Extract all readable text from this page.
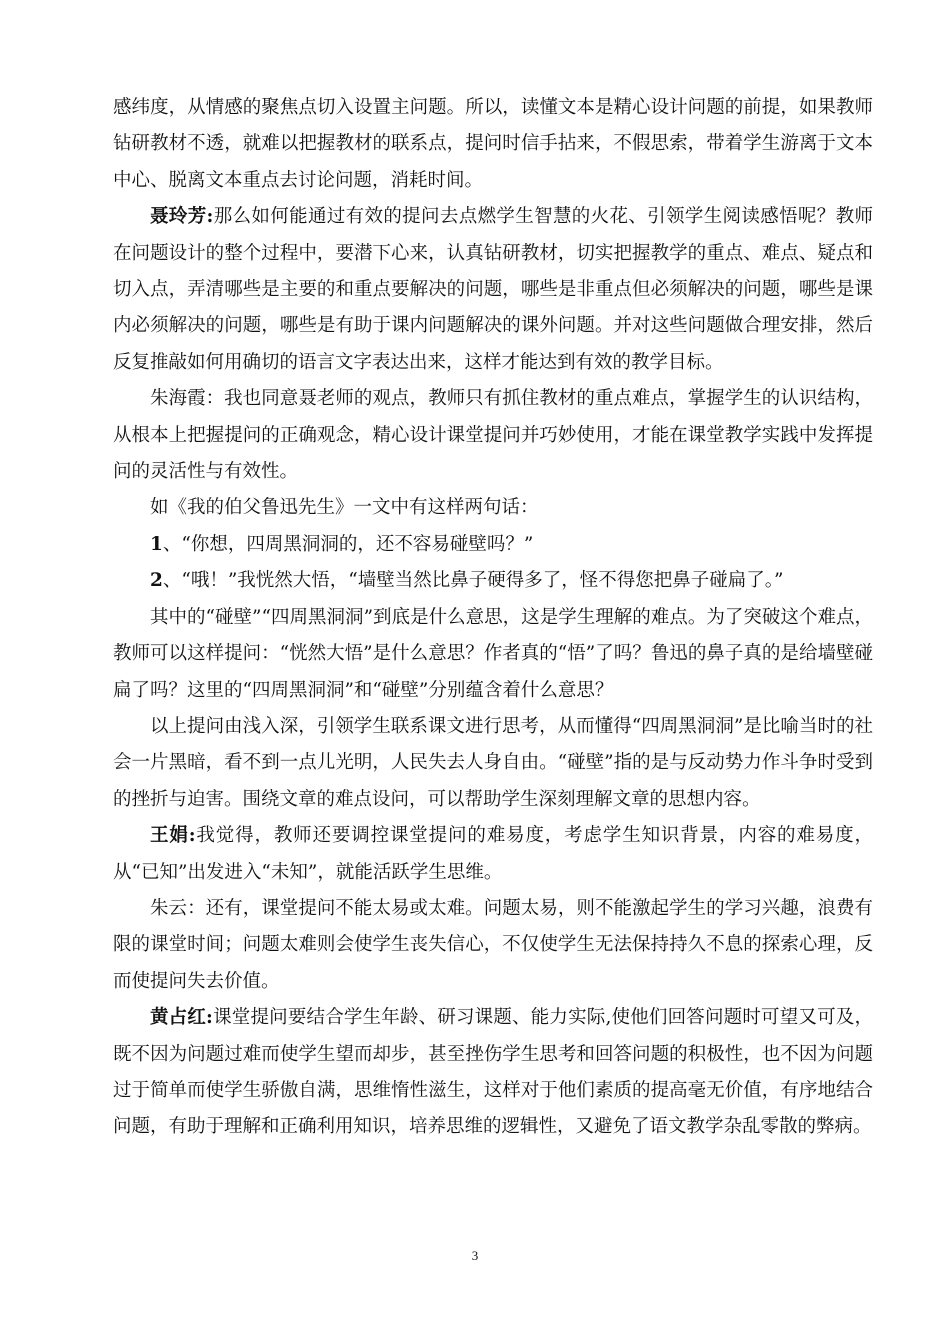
感纬度，从情感的聚焦点切入设置主问题。所以，读懂文本是精心设计问题的前提，如果教师钻研教材不透，就难以把握教材的联系点，提问时信手拈来，不假思索，带着学生游离于文本中心、脱离文本重点去讨论问题，消耗时间。

聂玲芳:那么如何能通过有效的提问去点燃学生智慧的火花、引领学生阅读感悟呢？教师在问题设计的整个过程中，要潜下心来，认真钻研教材，切实把握教学的重点、难点、疑点和切入点，弄清哪些是主要的和重点要解决的问题，哪些是非重点但必须解决的问题，哪些是课内必须解决的问题，哪些是有助于课内问题解决的课外问题。并对这些问题做合理安排，然后反复推敲如何用确切的语言文字表达出来，这样才能达到有效的教学目标。

朱海霞：我也同意聂老师的观点，教师只有抓住教材的重点难点，掌握学生的认识结构，从根本上把握提问的正确观念，精心设计课堂提问并巧妙使用，才能在课堂教学实践中发挥提问的灵活性与有效性。

如《我的伯父鲁迅先生》一文中有这样两句话：

1、“你想，四周黑洞洞的，还不容易碰壁吗？”

2、“哦！”我恍然大悟，“墙壁当然比鼻子硬得多了，怪不得您把鼻子碰扁了。”

其中的“碰壁”“四周黑洞洞”到底是什么意思，这是学生理解的难点。为了突破这个难点，教师可以这样提问：“恍然大悟”是什么意思？作者真的“悟”了吗？鲁迅的鼻子真的是给墙壁碰扁了吗？这里的“四周黑洞洞”和“碰壁”分别蕴含着什么意思？

以上提问由浅入深，引领学生联系课文进行思考，从而懂得“四周黑洞洞”是比喻当时的社会一片黑暗，看不到一点儿光明，人民失去人身自由。“碰壁”指的是与反动势力作斗争时受到的挫折与迫害。围绕文章的难点设问，可以帮助学生深刻理解文章的思想内容。

王娟:我觉得，教师还要调控课堂提问的难易度，考虑学生知识背景，内容的难易度，从“已知”出发进入“未知”，就能活跃学生思维。

朱云：还有，课堂提问不能太易或太难。问题太易，则不能激起学生的学习兴趣，浪费有限的课堂时间；问题太难则会使学生丧失信心，不仅使学生无法保持持久不息的探索心理，反而使提问失去价值。

黄占红:课堂提问要结合学生年龄、研习课题、能力实际,使他们回答问题时可望又可及，既不因为问题过难而使学生望而却步，甚至挫伤学生思考和回答问题的积极性，也不因为问题过于简单而使学生骄傲自满，思维惰性滋生，这样对于他们素质的提高毫无价值，有序地结合问题，有助于理解和正确利用知识，培养思维的逻辑性，又避免了语文教学杂乱零散的弊病。

3
